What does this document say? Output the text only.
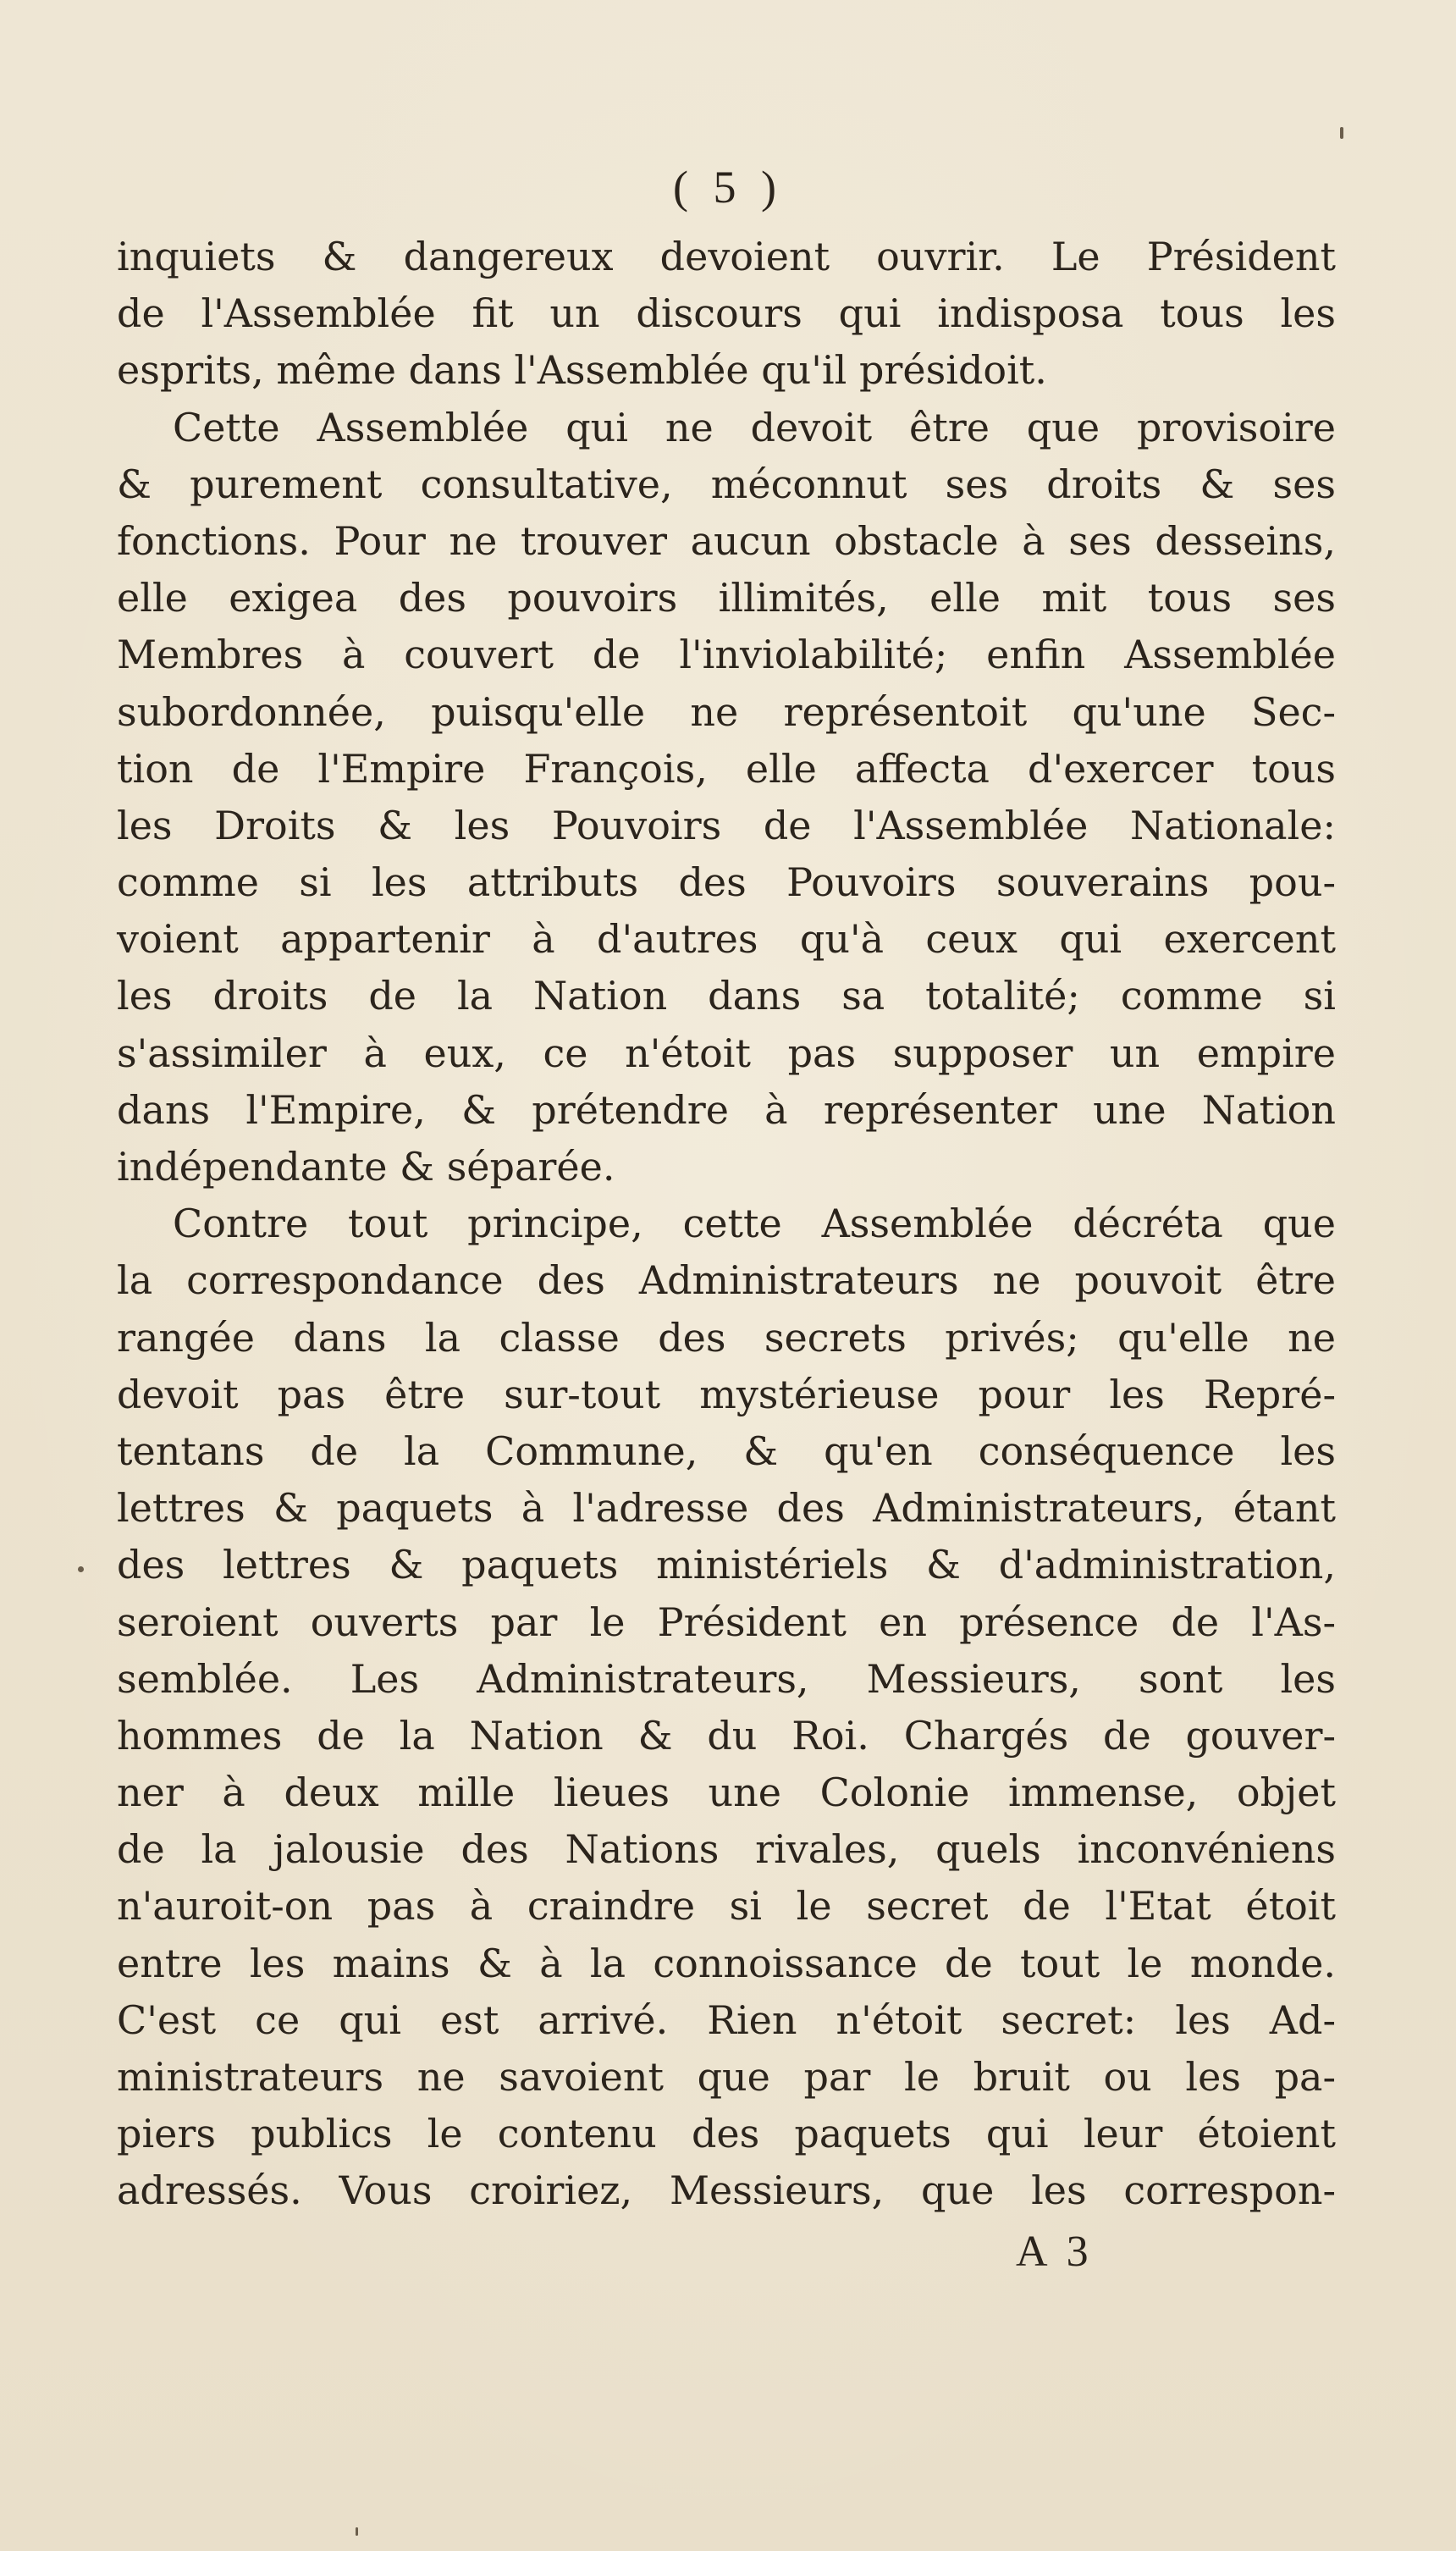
( 5 )
inquiets & dangereux devoient ouvrir. Le Président
de l'Assemblée fit un discours qui indisposa tous les
esprits, même dans l'Assemblée qu'il présidoit.
Cette Assemblée qui ne devoit être que provisoire
& purement consultative, méconnut ses droits & ses
fonctions. Pour ne trouver aucun obstacle à ses desseins,
elle exigea des pouvoirs illimités, elle mit tous ses
Membres à couvert de l'inviolabilité; enfin Assemblée
subordonnée, puisqu'elle ne représentoit qu'une Sec-
tion de l'Empire François, elle affecta d'exercer tous
les Droits & les Pouvoirs de l'Assemblée Nationale:
comme si les attributs des Pouvoirs souverains pou-
voient appartenir à d'autres qu'à ceux qui exercent
les droits de la Nation dans sa totalité; comme si
s'assimiler à eux, ce n'étoit pas supposer un empire
dans l'Empire, & prétendre à représenter une Nation
indépendante & séparée.
Contre tout principe, cette Assemblée décréta que
la correspondance des Administrateurs ne pouvoit être
rangée dans la classe des secrets privés; qu'elle ne
devoit pas être sur-tout mystérieuse pour les Repré-
tentans de la Commune, & qu'en conséquence les
lettres & paquets à l'adresse des Administrateurs, étant
des lettres & paquets ministériels & d'administration,
seroient ouverts par le Président en présence de l'As-
semblée. Les Administrateurs, Messieurs, sont les
hommes de la Nation & du Roi. Chargés de gouver-
ner à deux mille lieues une Colonie immense, objet
de la jalousie des Nations rivales, quels inconvéniens
n'auroit-on pas à craindre si le secret de l'Etat étoit
entre les mains & à la connoissance de tout le monde.
C'est ce qui est arrivé. Rien n'étoit secret: les Ad-
ministrateurs ne savoient que par le bruit ou les pa-
piers publics le contenu des paquets qui leur étoient
adressés. Vous croiriez, Messieurs, que les correspon-
A 3
